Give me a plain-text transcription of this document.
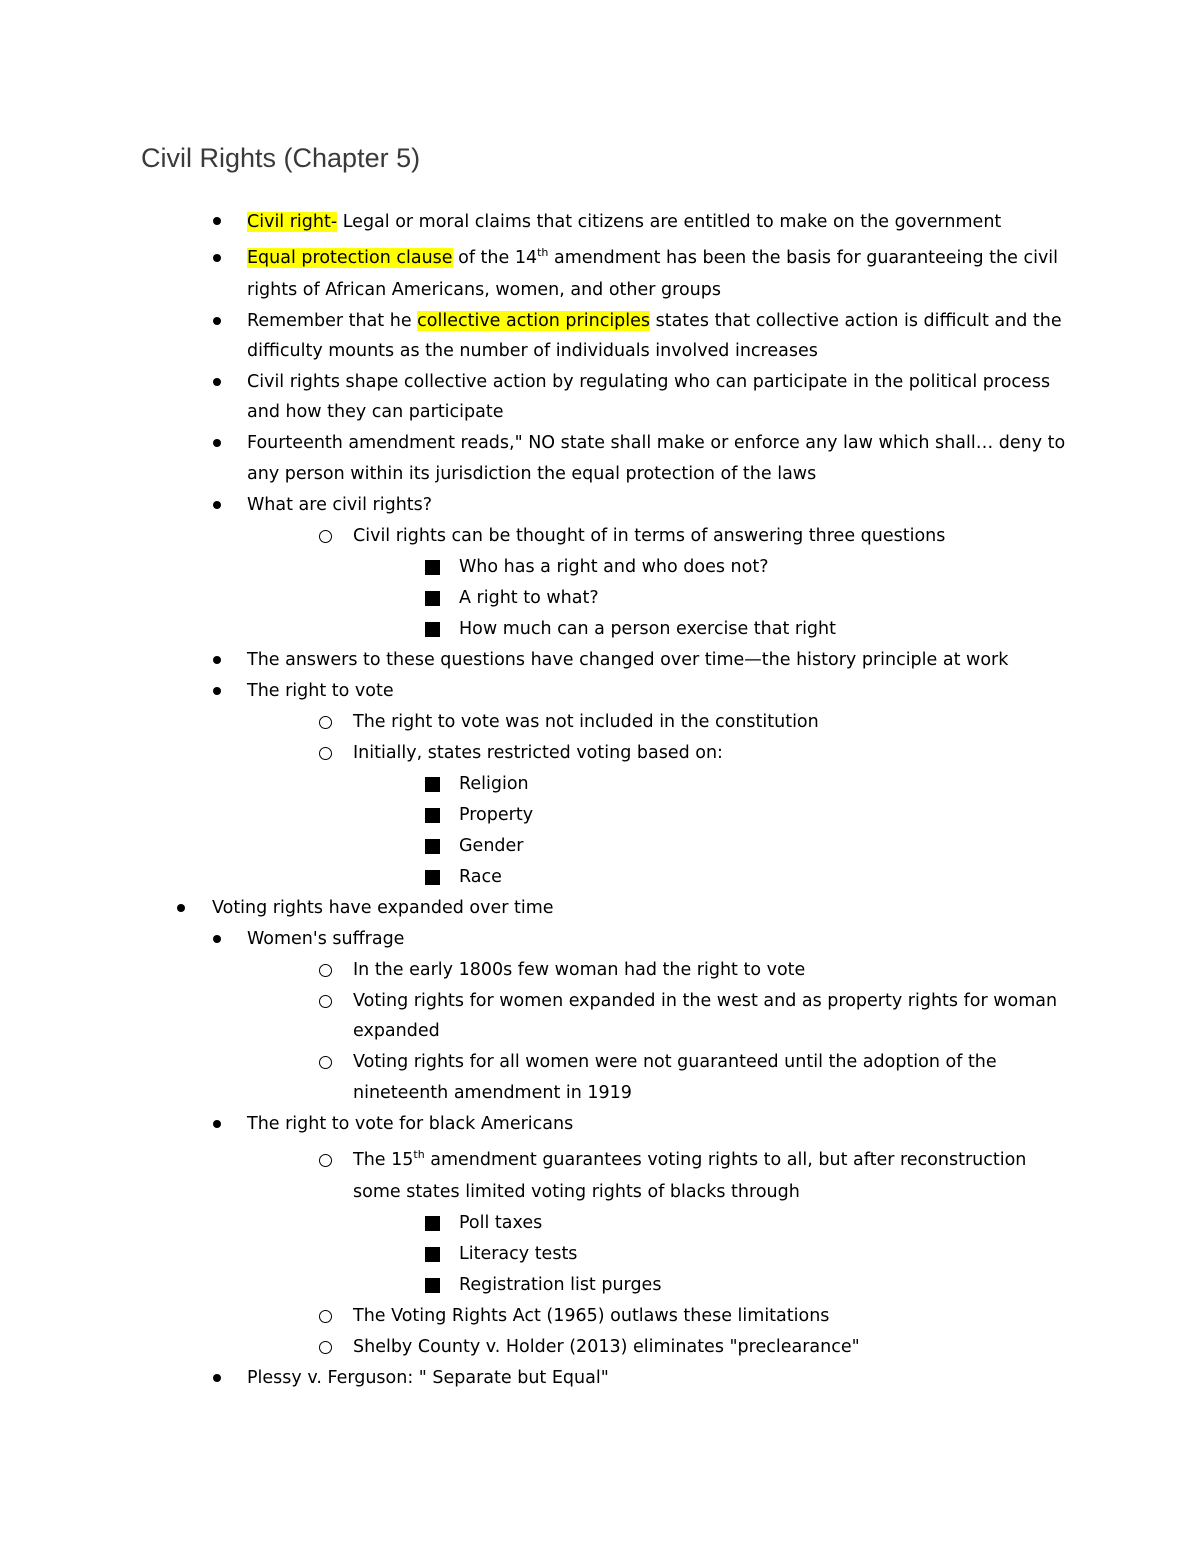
Civil Rights (Chapter 5)
Civil right- Legal or moral claims that citizens are entitled to make on the government
Equal protection clause of the 14th amendment has been the basis for guaranteeing the civil
rights of African Americans, women, and other groups
Remember that he collective action principles states that collective action is difficult and the
difficulty mounts as the number of individuals involved increases
Civil rights shape collective action by regulating who can participate in the political process
and how they can participate
Fourteenth amendment reads," NO state shall make or enforce any law which shall… deny to
any person within its jurisdiction the equal protection of the laws
What are civil rights?
Civil rights can be thought of in terms of answering three questions
Who has a right and who does not?
A right to what?
How much can a person exercise that right
The answers to these questions have changed over time—the history principle at work
The right to vote
The right to vote was not included in the constitution
Initially, states restricted voting based on:
Religion
Property
Gender
Race
Voting rights have expanded over time
Women's suffrage
In the early 1800s few woman had the right to vote
Voting rights for women expanded in the west and as property rights for woman
expanded
Voting rights for all women were not guaranteed until the adoption of the
nineteenth amendment in 1919
The right to vote for black Americans
The 15th amendment guarantees voting rights to all, but after reconstruction
some states limited voting rights of blacks through
Poll taxes
Literacy tests
Registration list purges
The Voting Rights Act (1965) outlaws these limitations
Shelby County v. Holder (2013) eliminates "preclearance"
Plessy v. Ferguson: " Separate but Equal"
